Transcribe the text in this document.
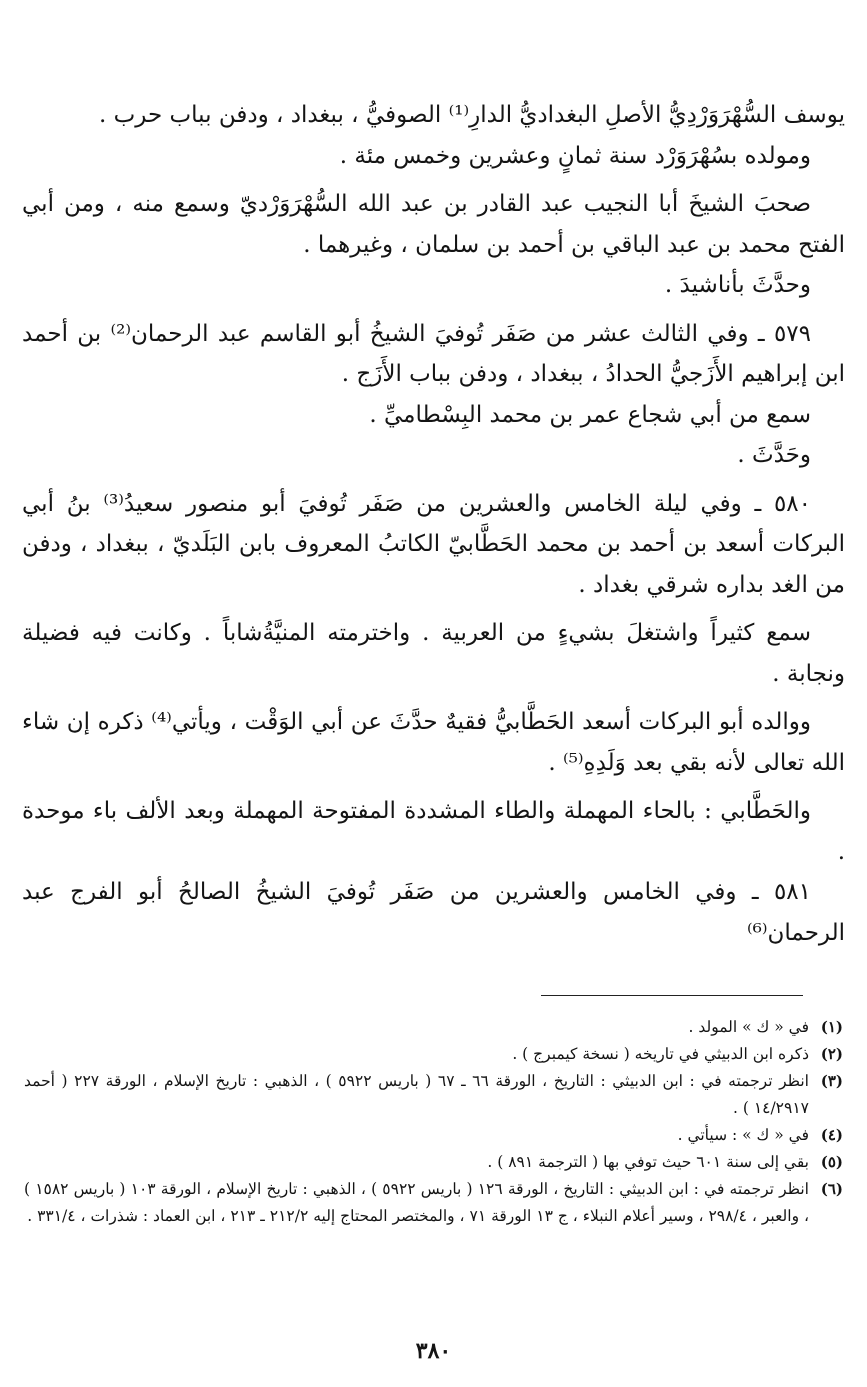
يوسف السُّهْرَوَرْدِيُّ الأصلِ البغداديُّ الدارِ⁽¹⁾ الصوفيُّ ، ببغداد ، ودفن بباب حرب .

ومولده بسُهْرَوَرْد سنة ثمانٍ وعشرين وخمس مئة .

صحبَ الشيخَ أبا النجيب عبد القادر بن عبد الله السُّهْرَوَرْديّ وسمع منه ، ومن أبي الفتح محمد بن عبد الباقي بن أحمد بن سلمان ، وغيرهما .

وحدَّثَ بأناشيدَ .

٥٧٩ ـ وفي الثالث عشر من صَفَر تُوفيَ الشيخُ أبو القاسم عبد الرحمان⁽²⁾ بن أحمد ابن إبراهيم الأَزَجيُّ الحدادُ ، ببغداد ، ودفن بباب الأَزَج .

سمع من أبي شجاع عمر بن محمد البِسْطاميِّ .

وحَدَّثَ .

٥٨٠ ـ وفي ليلة الخامس والعشرين من صَفَر تُوفيَ أبو منصور سعيدُ⁽³⁾ بنُ أبي البركات أسعد بن أحمد بن محمد الحَطَّابيّ الكاتبُ المعروف بابن البَلَديّ ، ببغداد ، ودفن من الغد بداره شرقي بغداد .

سمع كثيراً واشتغلَ بشيءٍ من العربية . واخترمته المنيَّةُشاباً . وكانت فيه فضيلة ونجابة .

ووالده أبو البركات أسعد الحَطَّابيُّ فقيهٌ حدَّثَ عن أبي الوَقْت ، ويأتي⁽⁴⁾ ذكره إن شاء الله تعالى لأنه بقي بعد وَلَدِهِ⁽⁵⁾ .

والحَطَّابي : بالحاء المهملة والطاء المشددة المفتوحة المهملة وبعد الألف باء موحدة .

٥٨١ ـ وفي الخامس والعشرين من صَفَر تُوفيَ الشيخُ الصالحُ أبو الفرج عبد الرحمان⁽⁶⁾

(١)
في « ك » المولد .

(٢)
ذكره ابن الدبيثي في تاريخه ( نسخة كيمبرج ) .

(٣)
انظر ترجمته في : ابن الدبيثي : التاريخ ، الورقة ٦٦ ـ ٦٧ ( باريس ٥٩٢٢ ) ، الذهبي : تاريخ الإسلام ، الورقة ٢٢٧ ( أحمد ١٤/٢٩١٧ ) .

(٤)
في « ك » : سيأتي .

(٥)
بقي إلى سنة ٦٠١ حيث توفي بها ( الترجمة ٨٩١ ) .

(٦)
انظر ترجمته في : ابن الدبيثي : التاريخ ، الورقة ١٢٦ ( باريس ٥٩٢٢ ) ، الذهبي : تاريخ الإسلام ، الورقة ١٠٣ ( باريس ١٥٨٢ ) ، والعبر ، ٢٩٨/٤ ، وسير أعلام النبلاء ، ج ١٣ الورقة ٧١ ، والمختصر المحتاج إليه ٢١٢/٢ ـ ٢١٣ ، ابن العماد : شذرات ، ٣٣١/٤ .

٣٨٠
